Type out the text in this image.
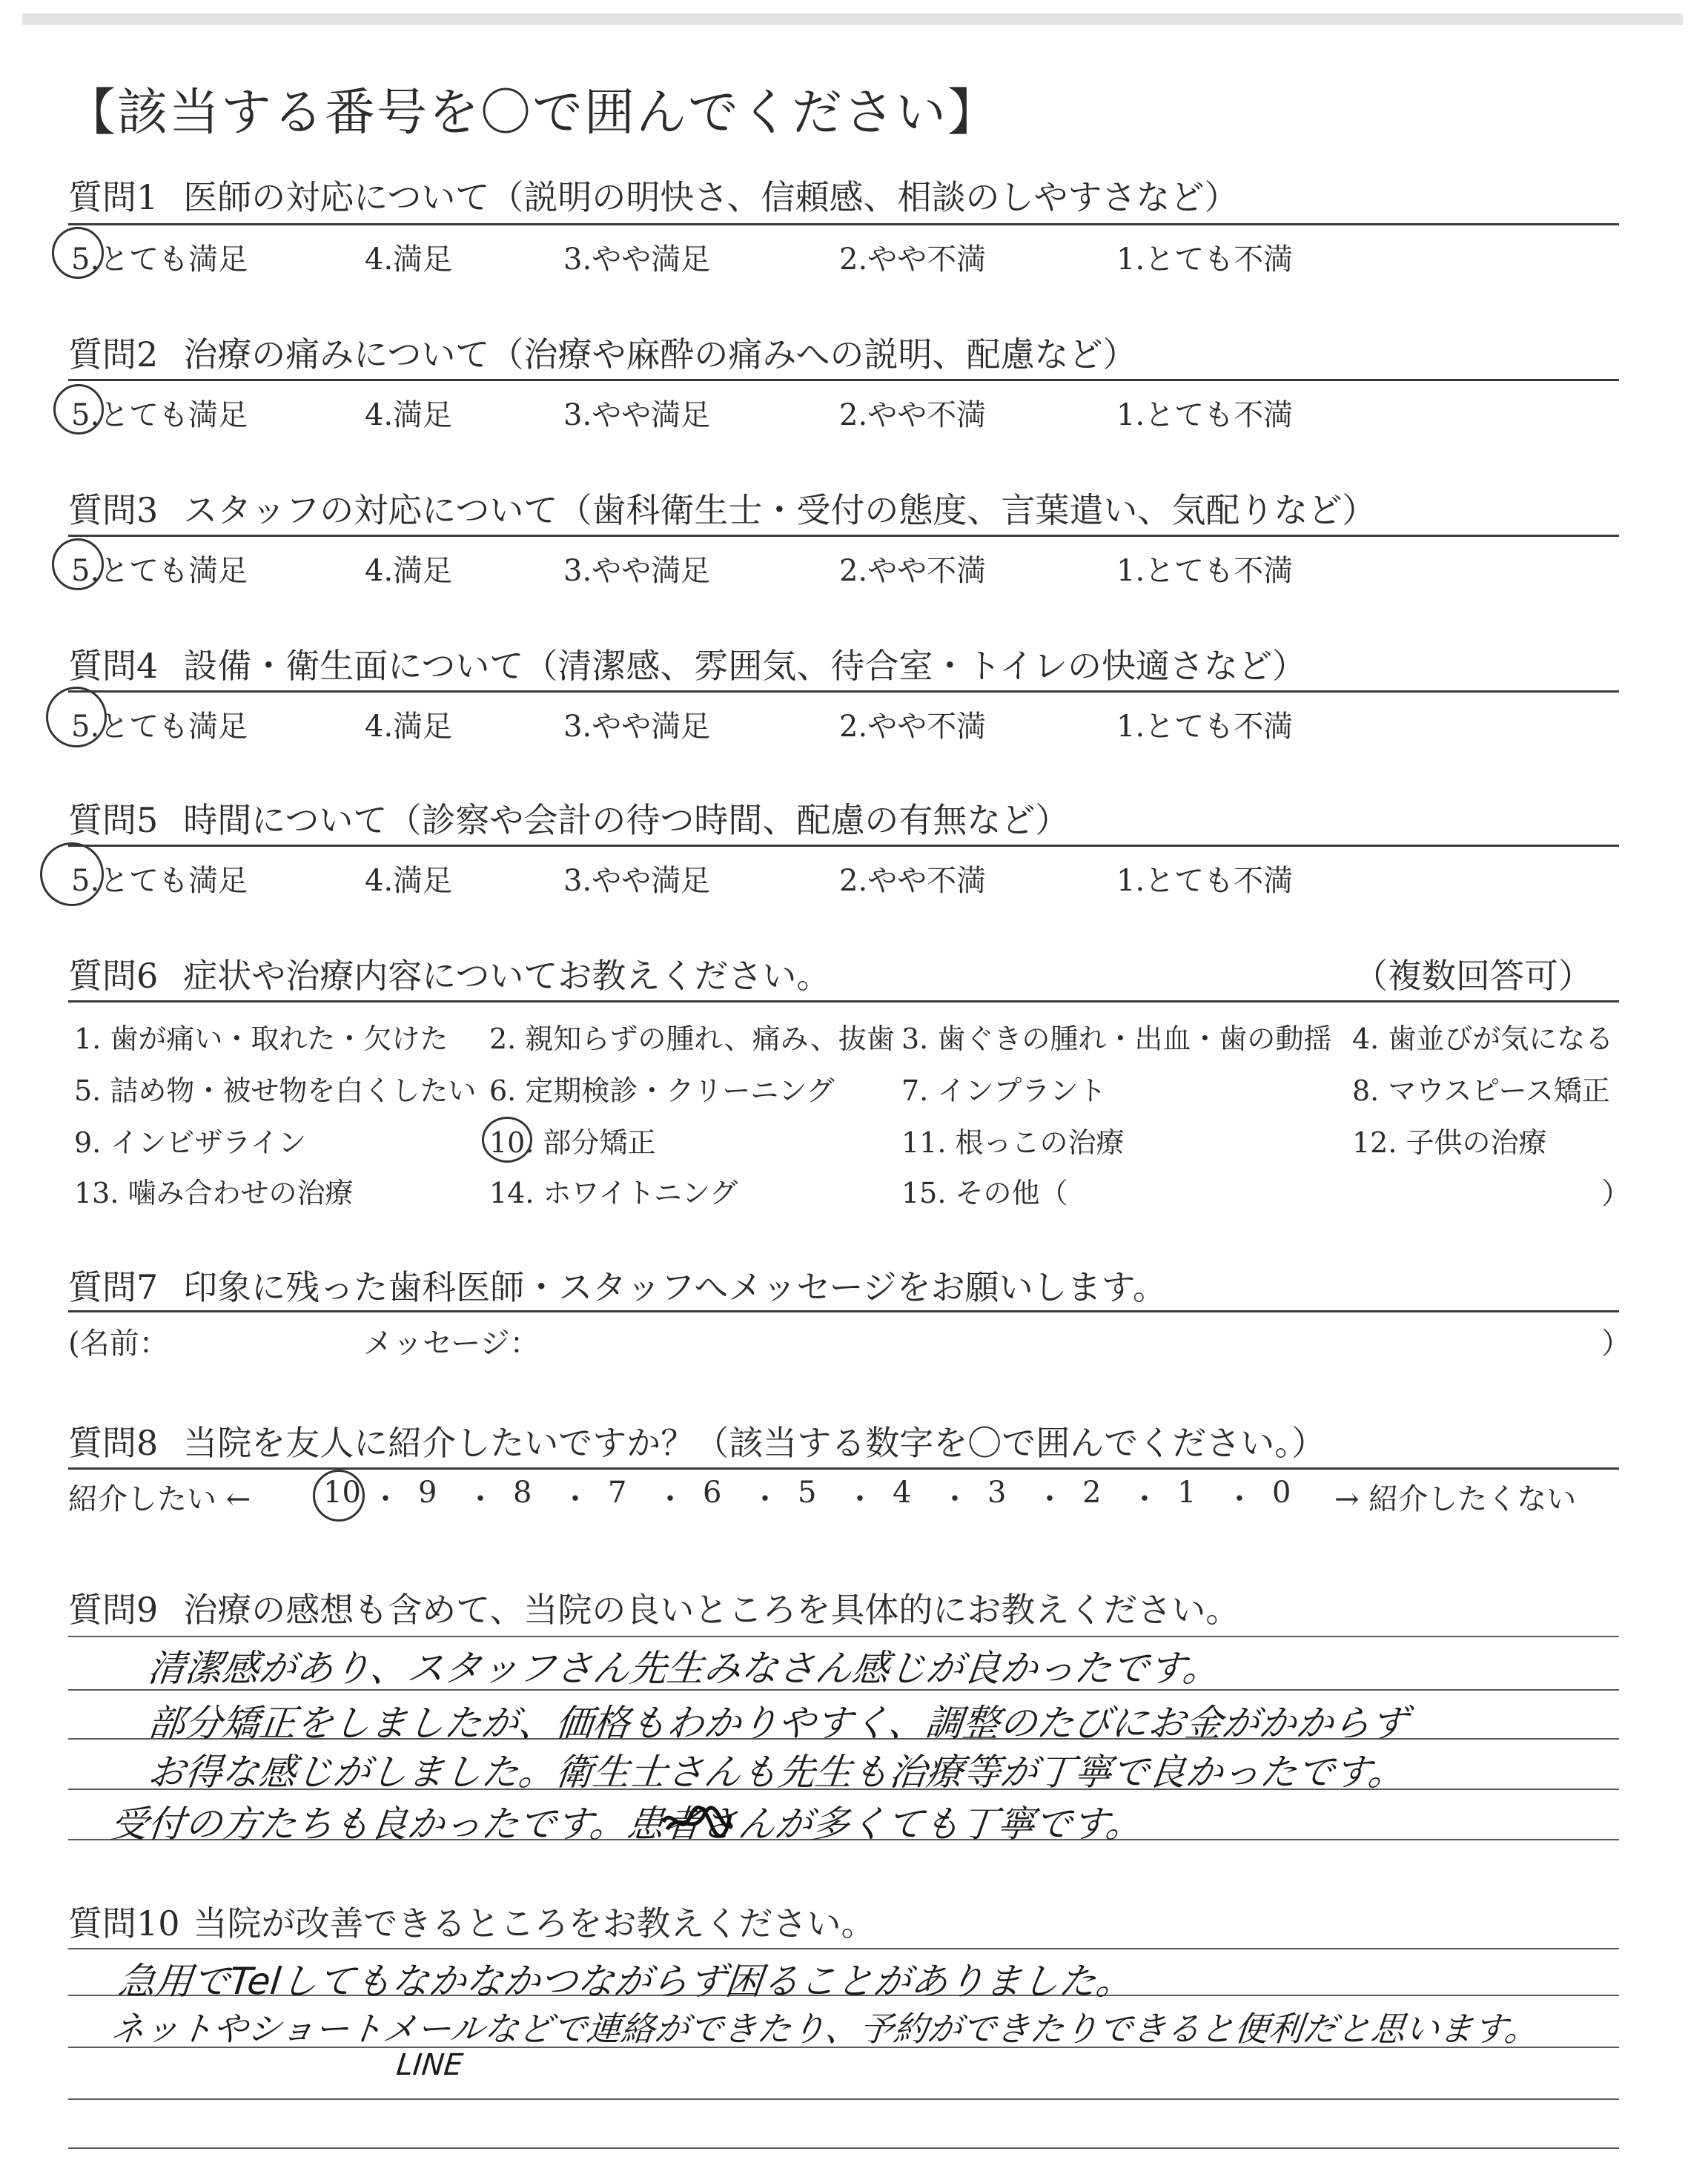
【該当する番号を〇で囲んでください】
質問1 医師の対応について（説明の明快さ、信頼感、相談のしやすさなど）
5.とても満足	4.満足	3.やや満足	2.やや不満	1.とても不満
質問2 治療の痛みについて（治療や麻酔の痛みへの説明、配慮など）
5.とても満足	4.満足	3.やや満足	2.やや不満	1.とても不満
質問3 スタッフの対応について（歯科衛生士・受付の態度、言葉遣い、気配りなど）
5.とても満足	4.満足	3.やや満足	2.やや不満	1.とても不満
質問4 設備・衛生面について（清潔感、雰囲気、待合室・トイレの快適さなど）
5.とても満足	4.満足	3.やや満足	2.やや不満	1.とても不満
質問5 時間について（診察や会計の待つ時間、配慮の有無など）
5.とても満足	4.満足	3.やや満足	2.やや不満	1.とても不満
質問6 症状や治療内容についてお教えください。	（複数回答可）
1. 歯が痛い・取れた・欠けた 2. 親知らずの腫れ、痛み、抜歯 3. 歯ぐきの腫れ・出血・歯の動揺 4. 歯並びが気になる
5. 詰め物・被せ物を白くしたい 6. 定期検診・クリーニング 7. インプラント	8. マウスピース矯正
9. インビザライン	10. 部分矯正	11. 根っこの治療	12. 子供の治療
13. 噛み合わせの治療	14. ホワイトニング	15. その他（	）
質問7 印象に残った歯科医師・スタッフへメッセージをお願いします。
(名前：	メッセージ：	）
質問8 当院を友人に紹介したいですか？（該当する数字を〇で囲んでください。）
紹介したい ← 10 ・ 9 ・ 8 ・ 7 ・ 6 ・ 5 ・ 4 ・ 3 ・ 2 ・ 1 ・ 0 → 紹介したくない
質問9 治療の感想も含めて、当院の良いところを具体的にお教えください。
清潔感があり、スタッフさん先生みなさん感じが良かったです。
部分矯正をしましたが、価格もわかりやすく、調整のたびにお金がかからず
お得な感じがしました。衛生士さんも先生も治療等が丁寧で良かったです。
受付の方たちも良かったです。患者さんが多くても丁寧です。
質問10 当院が改善できるところをお教えください。
急用でTelしてもなかなかつながらず困ることがありました。
ネットやショートメールなどで連絡ができたり、予約ができたりできると便利だと思います。
LINE
